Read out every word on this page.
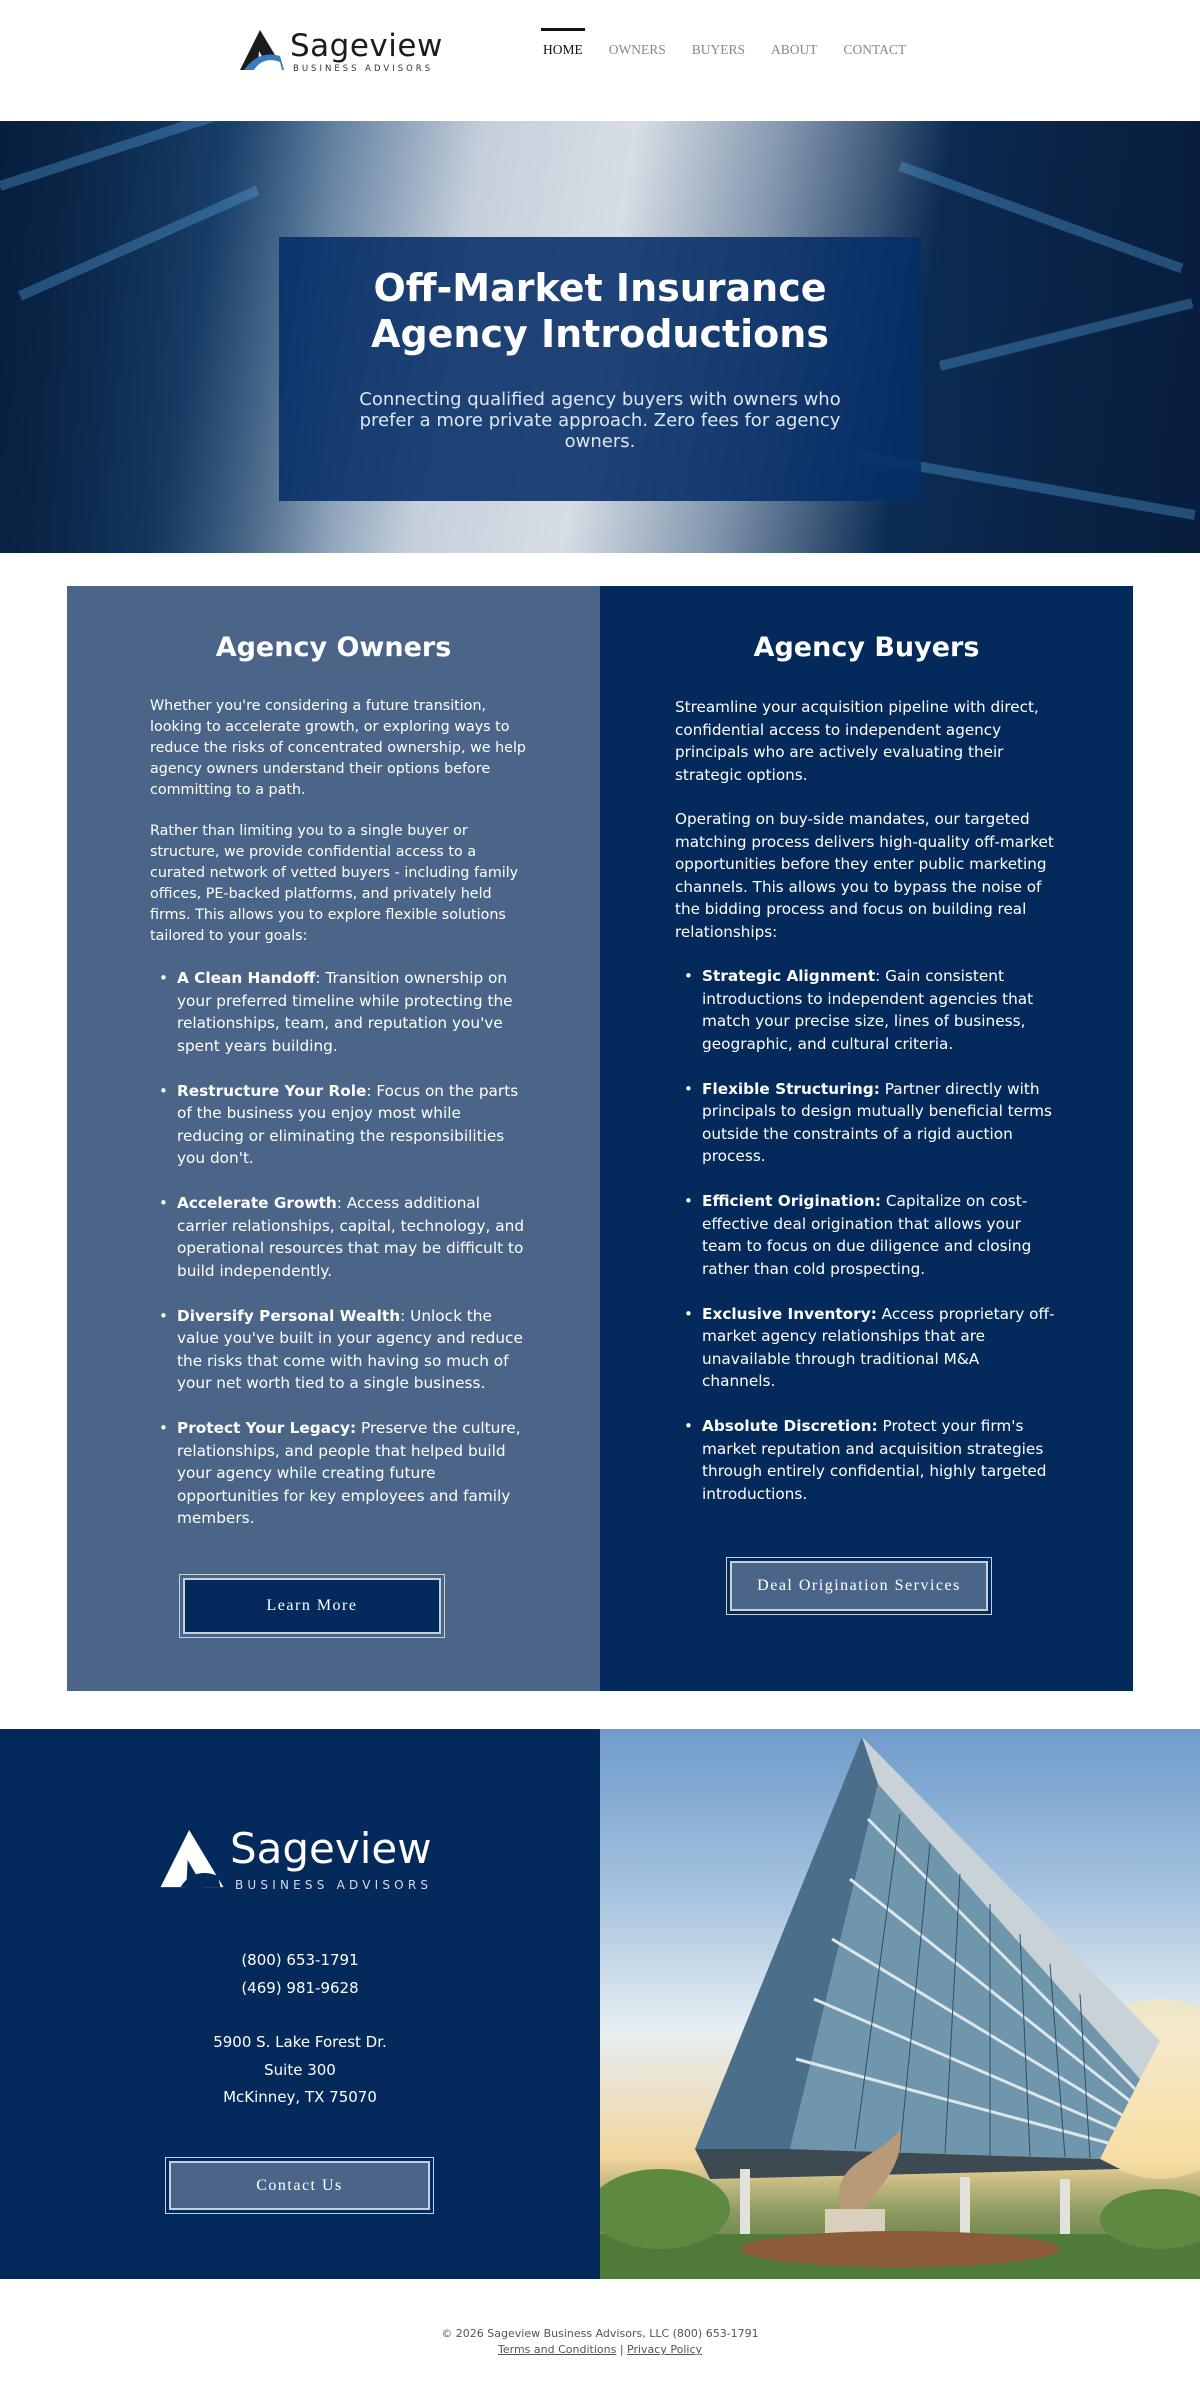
Sageview
BUSINESS ADVISORS
HOME OWNERS BUYERS ABOUT CONTACT
Off-Market Insurance
Agency Introductions

Connecting qualified agency buyers with owners who prefer a more private approach. Zero fees for agency owners.

Agency Owners

Whether you're considering a future transition, looking to accelerate growth, or exploring ways to reduce the risks of concentrated ownership, we help agency owners understand their options before committing to a path.

Rather than limiting you to a single buyer or structure, we provide confidential access to a curated network of vetted buyers - including family offices, PE-backed platforms, and privately held firms. This allows you to explore flexible solutions tailored to your goals:

• A Clean Handoff: Transition ownership on your preferred timeline while protecting the relationships, team, and reputation you've spent years building.
• Restructure Your Role: Focus on the parts of the business you enjoy most while reducing or eliminating the responsibilities you don't.
• Accelerate Growth: Access additional carrier relationships, capital, technology, and operational resources that may be difficult to build independently.
• Diversify Personal Wealth: Unlock the value you've built in your agency and reduce the risks that come with having so much of your net worth tied to a single business.
• Protect Your Legacy: Preserve the culture, relationships, and people that helped build your agency while creating future opportunities for key employees and family members.
Learn More
Agency Buyers

Streamline your acquisition pipeline with direct, confidential access to independent agency principals who are actively evaluating their strategic options.

Operating on buy-side mandates, our targeted matching process delivers high-quality off-market opportunities before they enter public marketing channels. This allows you to bypass the noise of the bidding process and focus on building real relationships:

• Strategic Alignment: Gain consistent introductions to independent agencies that match your precise size, lines of business, geographic, and cultural criteria.
• Flexible Structuring: Partner directly with principals to design mutually beneficial terms outside the constraints of a rigid auction process.
• Efficient Origination: Capitalize on cost-effective deal origination that allows your team to focus on due diligence and closing rather than cold prospecting.
• Exclusive Inventory: Access proprietary off-market agency relationships that are unavailable through traditional M&A channels.
• Absolute Discretion: Protect your firm's market reputation and acquisition strategies through entirely confidential, highly targeted introductions.
Deal Origination Services
Sageview
BUSINESS ADVISORS
(800) 653-1791
(469) 981-9628
5900 S. Lake Forest Dr.
Suite 300
McKinney, TX 75070
Contact Us
© 2026 Sageview Business Advisors, LLC (800) 653-1791
Terms and Conditions | Privacy Policy
